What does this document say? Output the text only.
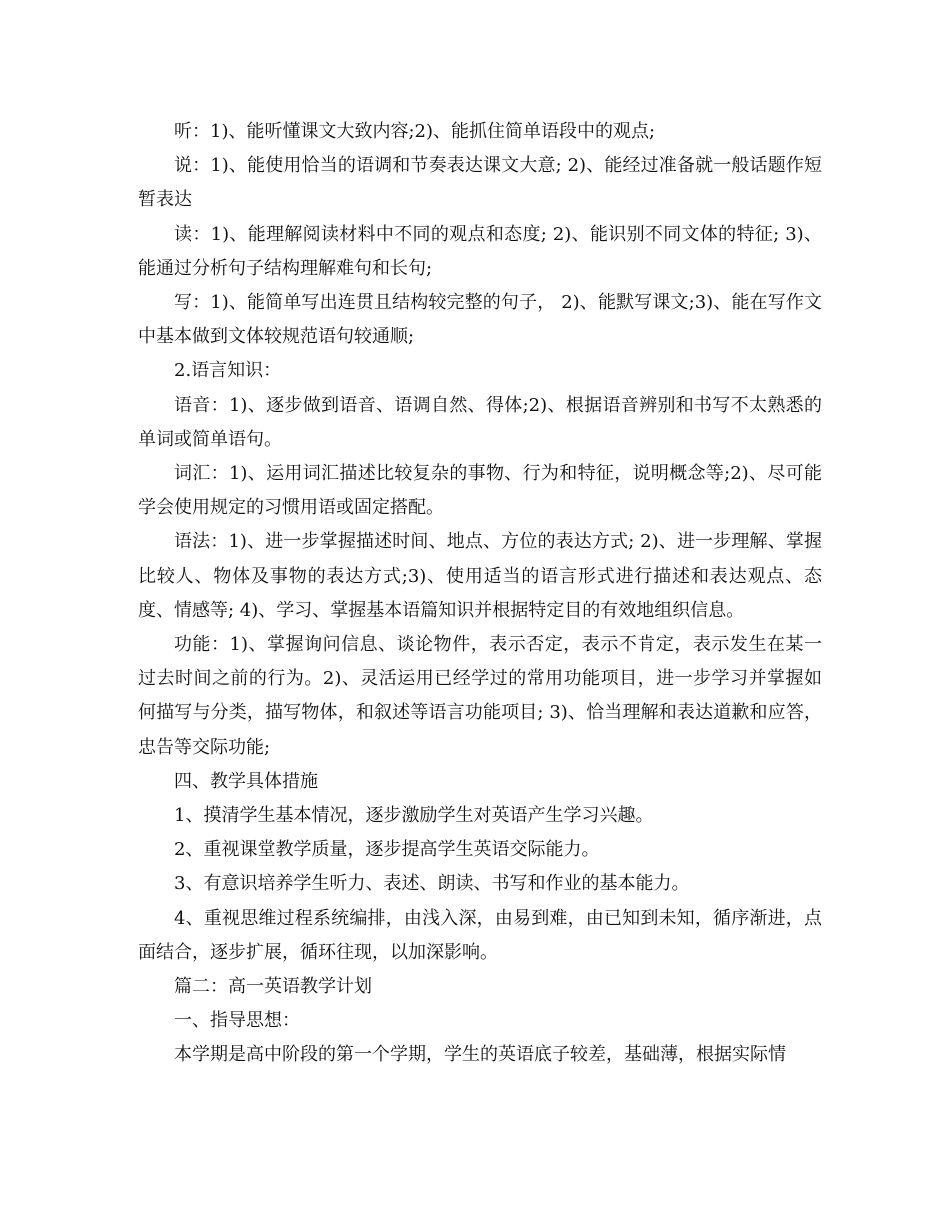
听：1)、能听懂课文大致内容;2)、能抓住简单语段中的观点;

说：1)、能使用恰当的语调和节奏表达课文大意; 2)、能经过准备就一般话题作短暂表达

读：1)、能理解阅读材料中不同的观点和态度; 2)、能识别不同文体的特征; 3)、能通过分析句子结构理解难句和长句;

写：1)、能简单写出连贯且结构较完整的句子， 2)、能默写课文;3)、能在写作文中基本做到文体较规范语句较通顺;

2.语言知识：

语音：1)、逐步做到语音、语调自然、得体;2)、根据语音辨别和书写不太熟悉的单词或简单语句。

词汇：1)、运用词汇描述比较复杂的事物、行为和特征，说明概念等;2)、尽可能学会使用规定的习惯用语或固定搭配。

语法：1)、进一步掌握描述时间、地点、方位的表达方式; 2)、进一步理解、掌握比较人、物体及事物的表达方式;3)、使用适当的语言形式进行描述和表达观点、态度、情感等; 4)、学习、掌握基本语篇知识并根据特定目的有效地组织信息。

功能：1)、掌握询问信息、谈论物件，表示否定，表示不肯定，表示发生在某一过去时间之前的行为。2)、灵活运用已经学过的常用功能项目，进一步学习并掌握如何描写与分类，描写物体，和叙述等语言功能项目; 3)、恰当理解和表达道歉和应答，忠告等交际功能;

四、教学具体措施

1、摸清学生基本情况，逐步激励学生对英语产生学习兴趣。

2、重视课堂教学质量，逐步提高学生英语交际能力。

3、有意识培养学生听力、表述、朗读、书写和作业的基本能力。

4、重视思维过程系统编排，由浅入深，由易到难，由已知到未知，循序渐进，点面结合，逐步扩展，循环往现，以加深影响。

篇二：高一英语教学计划

一、指导思想：

本学期是高中阶段的第一个学期，学生的英语底子较差，基础薄，根据实际情
